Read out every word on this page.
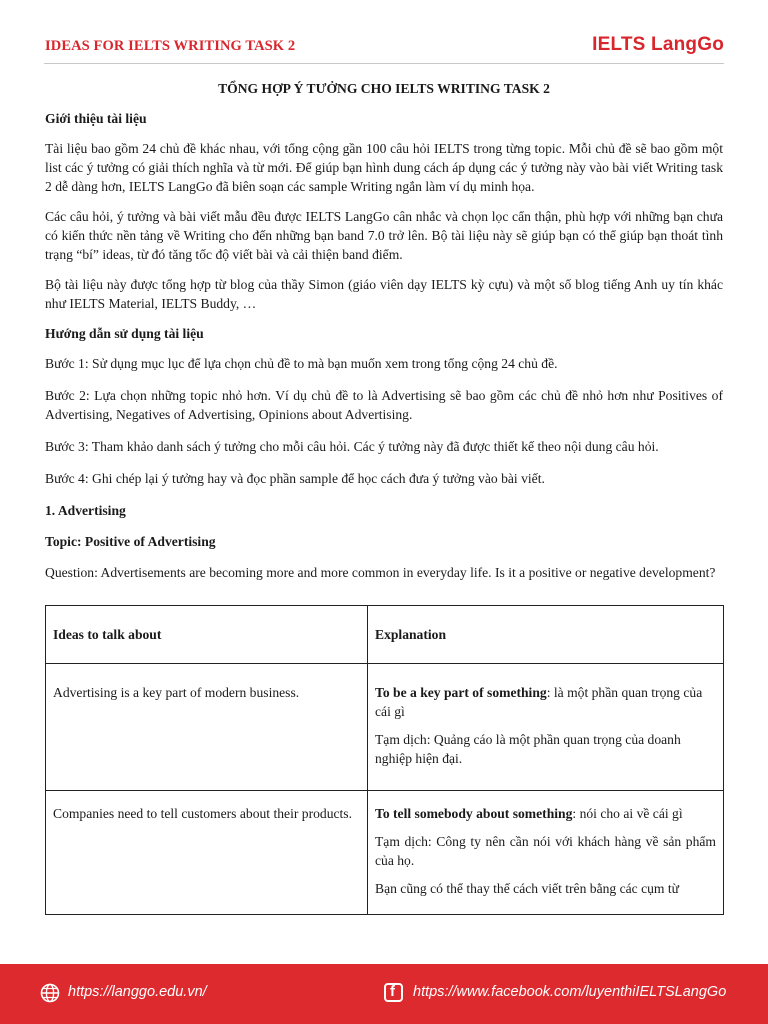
IDEAS FOR IELTS WRITING TASK 2	IELTS LangGo
TỔNG HỢP Ý TƯỞNG CHO IELTS WRITING TASK 2
Giới thiệu tài liệu
Tài liệu bao gồm 24 chủ đề khác nhau, với tổng cộng gần 100 câu hỏi IELTS trong từng topic. Mỗi chủ đề sẽ bao gồm một list các ý tưởng có giải thích nghĩa và từ mới. Để giúp bạn hình dung cách áp dụng các ý tưởng này vào bài viết Writing task 2 dễ dàng hơn, IELTS LangGo đã biên soạn các sample Writing ngắn làm ví dụ minh họa.
Các câu hỏi, ý tưởng và bài viết mẫu đều được IELTS LangGo cân nhắc và chọn lọc cẩn thận, phù hợp với những bạn chưa có kiến thức nền tảng về Writing cho đến những bạn band 7.0 trở lên. Bộ tài liệu này sẽ giúp bạn có thể giúp bạn thoát tình trạng “bí” ideas, từ đó tăng tốc độ viết bài và cải thiện band điểm.
Bộ tài liệu này được tổng hợp từ blog của thầy Simon (giáo viên dạy IELTS kỳ cựu) và một số blog tiếng Anh uy tín khác như IELTS Material, IELTS Buddy, …
Hướng dẫn sử dụng tài liệu
Bước 1: Sử dụng mục lục để lựa chọn chủ đề to mà bạn muốn xem trong tổng cộng 24 chủ đề.
Bước 2: Lựa chọn những topic nhỏ hơn. Ví dụ chủ đề to là Advertising sẽ bao gồm các chủ đề nhỏ hơn như Positives of Advertising, Negatives of Advertising, Opinions about Advertising.
Bước 3: Tham khảo danh sách ý tưởng cho mỗi câu hỏi. Các ý tưởng này đã được thiết kế theo nội dung câu hỏi.
Bước 4: Ghi chép lại ý tưởng hay và đọc phần sample để học cách đưa ý tưởng vào bài viết.
1. Advertising
Topic: Positive of Advertising
Question: Advertisements are becoming more and more common in everyday life. Is it a positive or negative development?
Ideas to talk about	Explanation
Advertising is a key part of modern business.	To be a key part of something: là một phần quan trọng của cái gì
Tạm dịch: Quảng cáo là một phần quan trọng của doanh nghiệp hiện đại.

Companies need to tell customers about their products.	To tell somebody about something: nói cho ai về cái gì
Tạm dịch: Công ty nên cần nói với khách hàng về sản phẩm của họ.
Bạn cũng có thể thay thế cách viết trên bằng các cụm từ
https://langgo.edu.vn/	f https://www.facebook.com/luyenthiIELTSLangGo
